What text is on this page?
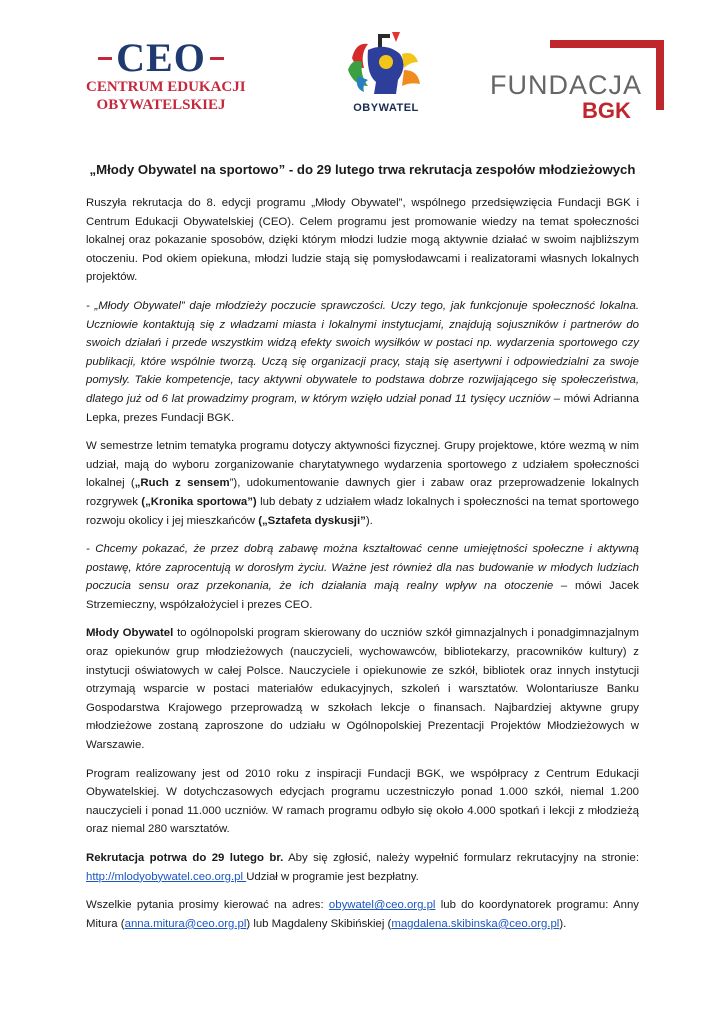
CEO
CENTRUM EDUKACJI
OBYWATELSKIEJ	OBYWATEL
FUNDACJA
BGK
„Młody Obywatel na sportowo” - do 29 lutego trwa rekrutacja zespołów młodzieżowych

Ruszyła rekrutacja do 8. edycji programu „Młody Obywatel”, wspólnego przedsięwzięcia Fundacji BGK i Centrum Edukacji Obywatelskiej (CEO). Celem programu jest promowanie wiedzy na temat społeczności lokalnej oraz pokazanie sposobów, dzięki którym młodzi ludzie mogą aktywnie działać w swoim najbliższym otoczeniu. Pod okiem opiekuna, młodzi ludzie stają się pomysłodawcami i realizatorami własnych lokalnych projektów.

- „Młody Obywatel” daje młodzieży poczucie sprawczości. Uczy tego, jak funkcjonuje społeczność lokalna. Uczniowie kontaktują się z władzami miasta i lokalnymi instytucjami, znajdują sojuszników i partnerów do swoich działań i przede wszystkim widzą efekty swoich wysiłków w postaci np. wydarzenia sportowego czy publikacji, które wspólnie tworzą. Uczą się organizacji pracy, stają się asertywni i odpowiedzialni za swoje pomysły. Takie kompetencje, tacy aktywni obywatele to podstawa dobrze rozwijającego się społeczeństwa, dlatego już od 6 lat prowadzimy program, w którym wzięło udział ponad 11 tysięcy uczniów – mówi Adrianna Lepka, prezes Fundacji BGK.

W semestrze letnim tematyka programu dotyczy aktywności fizycznej. Grupy projektowe, które wezmą w nim udział, mają do wyboru zorganizowanie charytatywnego wydarzenia sportowego z udziałem społeczności lokalnej („Ruch z sensem”), udokumentowanie dawnych gier i zabaw oraz przeprowadzenie lokalnych rozgrywek („Kronika sportowa”) lub debaty z udziałem władz lokalnych i społeczności na temat sportowego rozwoju okolicy i jej mieszkańców („Sztafeta dyskusji”).

- Chcemy pokazać, że przez dobrą zabawę można kształtować cenne umiejętności społeczne i aktywną postawę, które zaprocentują w dorosłym życiu. Ważne jest również dla nas budowanie w młodych ludziach poczucia sensu oraz przekonania, że ich działania mają realny wpływ na otoczenie – mówi Jacek Strzemieczny, współzałożyciel i prezes CEO.

Młody Obywatel to ogólnopolski program skierowany do uczniów szkół gimnazjalnych i ponadgimnazjalnym oraz opiekunów grup młodzieżowych (nauczycieli, wychowawców, bibliotekarzy, pracowników kultury) z instytucji oświatowych w całej Polsce. Nauczyciele i opiekunowie ze szkół, bibliotek oraz innych instytucji otrzymają wsparcie w postaci materiałów edukacyjnych, szkoleń i warsztatów. Wolontariusze Banku Gospodarstwa Krajowego przeprowadzą w szkołach lekcje o finansach. Najbardziej aktywne grupy młodzieżowe zostaną zaproszone do udziału w Ogólnopolskiej Prezentacji Projektów Młodzieżowych w Warszawie.

Program realizowany jest od 2010 roku z inspiracji Fundacji BGK, we współpracy z Centrum Edukacji Obywatelskiej. W dotychczasowych edycjach programu uczestniczyło ponad 1.000 szkół, niemal 1.200 nauczycieli i ponad 11.000 uczniów. W ramach programu odbyło się około 4.000 spotkań i lekcji z młodzieżą oraz niemal 280 warsztatów.

Rekrutacja potrwa do 29 lutego br. Aby się zgłosić, należy wypełnić formularz rekrutacyjny na stronie: http://mlodyobywatel.ceo.org.pl Udział w programie jest bezpłatny.

Wszelkie pytania prosimy kierować na adres: obywatel@ceo.org.pl lub do koordynatorek programu: Anny Mitura (anna.mitura@ceo.org.pl) lub Magdaleny Skibińskiej (magdalena.skibinska@ceo.org.pl).
